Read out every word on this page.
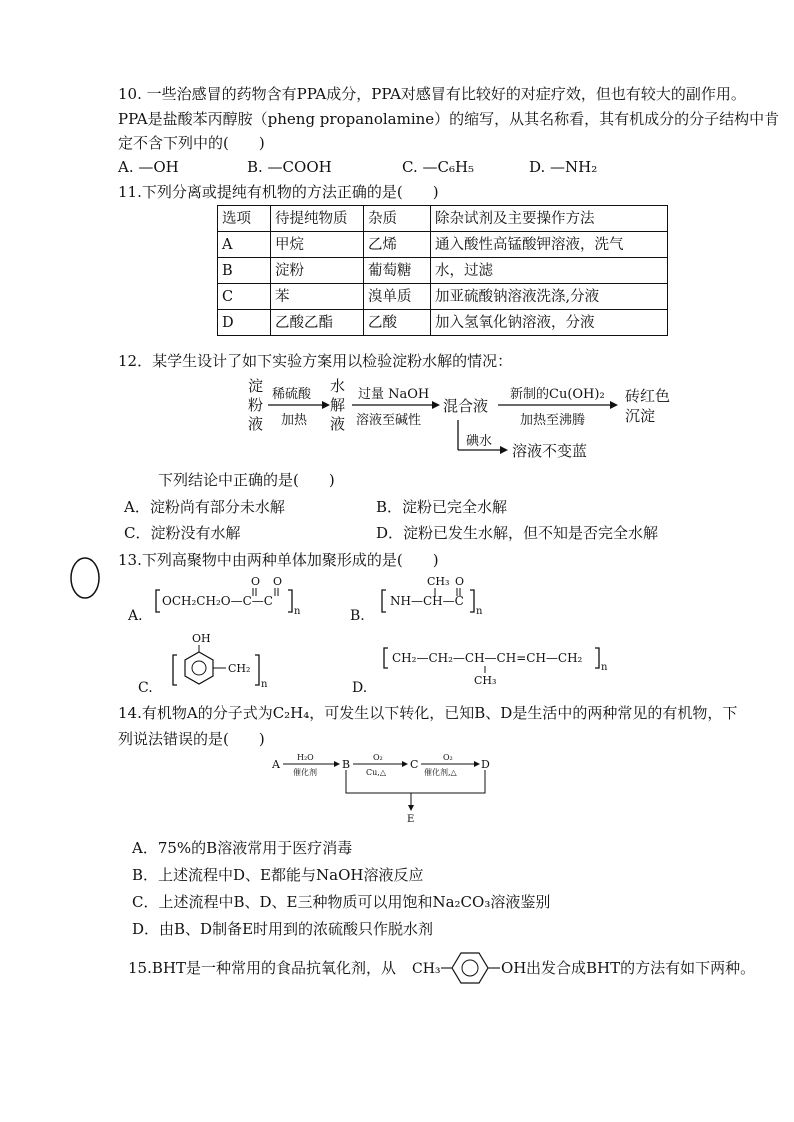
10. 一些治感冒的药物含有PPA成分，PPA对感冒有比较好的对症疗效，但也有较大的副作用。
PPA是盐酸苯丙醇胺（pheng propanolamine）的缩写，从其名称看，其有机成分的分子结构中肯
定不含下列中的(　　)
A. —OH	B. —COOH	C. —C₆H₅	D. —NH₂
11.下列分离或提纯有机物的方法正确的是(　　)
选项	待提纯物质	杂质	除杂试剂及主要操作方法
A	甲烷	乙烯	通入酸性高锰酸钾溶液，洗气
B	淀粉	葡萄糖	水，过滤
C	苯	溴单质	加亚硫酸钠溶液洗涤,分液
D	乙酸乙酯	乙酸	加入氢氧化钠溶液，分液
12．某学生设计了如下实验方案用以检验淀粉水解的情况：
淀
粉
液
稀硫酸
加热
水
解
液
过量 NaOH
溶液至碱性
混合液
新制的Cu(OH)₂
加热至沸腾
砖红色
沉淀
碘水
溶液不变蓝
下列结论中正确的是(　　)
A．淀粉尚有部分未水解	B．淀粉已完全水解
C．淀粉没有水解	D．淀粉已发生水解，但不知是否完全水解
13.下列高聚物中由两种单体加聚形成的是(　　)
A.
OCH₂CH₂O—C—C
O O
n	B.
NH—CH—C
CH₃ O
n
C.
OH
CH₂
n	D.
CH₂—CH₂—CH—CH=CH—CH₂
CH₃
n
14.有机物A的分子式为C₂H₄，可发生以下转化，已知B、D是生活中的两种常见的有机物，下
列说法错误的是(　　)
A
H₂O
催化剂
B
O₂
Cu,△
C
O₂
催化剂,△
D
E
A．75%的B溶液常用于医疗消毒
B．上述流程中D、E都能与NaOH溶液反应
C．上述流程中B、D、E三种物质可以用饱和Na₂CO₃溶液鉴别
D．由B、D制备E时用到的浓硫酸只作脱水剂
15.BHT是一种常用的食品抗氧化剂，从 CH₃	OH 出发合成BHT的方法有如下两种。
